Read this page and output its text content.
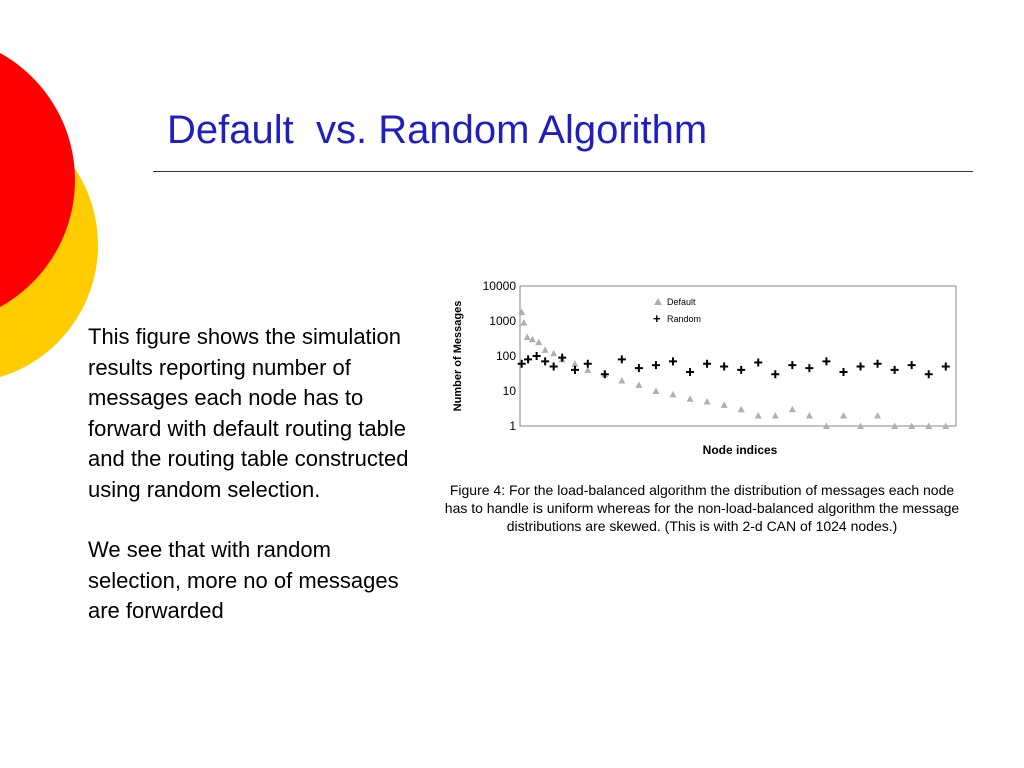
Default  vs. Random Algorithm

This figure shows the simulation results reporting number of messages each node has to forward with default routing table and the routing table constructed using random selection.

We see that with random selection, more no of messages are forwarded

10000
1000
100
10
1
Number of Messages
Node indices
Default
+ Random
Figure 4: For the load-balanced algorithm the distribution of messages each node has to handle is uniform whereas for the non-load-balanced algorithm the message distributions are skewed. (This is with 2-d CAN of 1024 nodes.)
